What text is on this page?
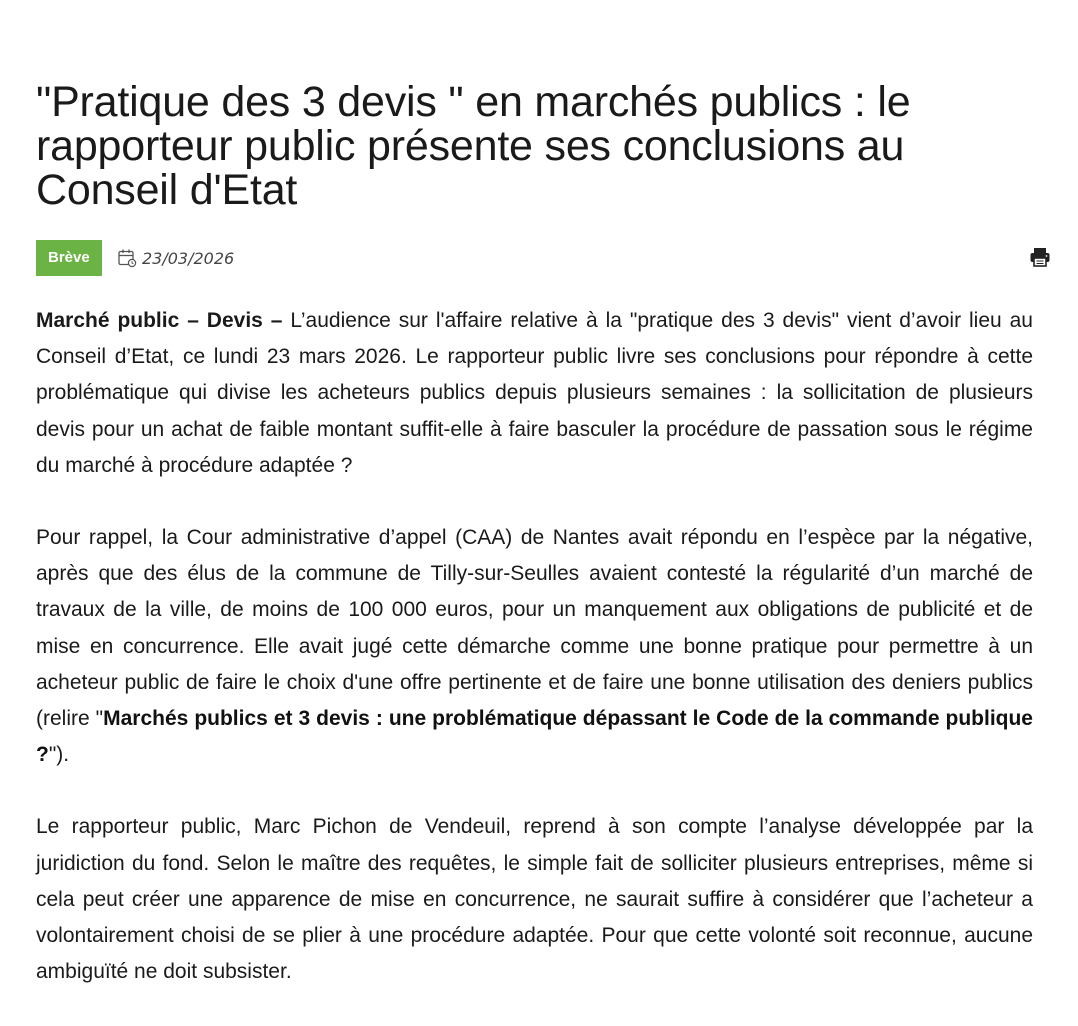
"Pratique des 3 devis " en marchés publics : le rapporteur public présente ses conclusions au Conseil d'Etat
Brève	23/03/2026

Marché public – Devis – L’audience sur l'affaire relative à la "pratique des 3 devis" vient d’avoir lieu au Conseil d’Etat, ce lundi 23 mars 2026. Le rapporteur public livre ses conclusions pour répondre à cette problématique qui divise les acheteurs publics depuis plusieurs semaines : la sollicitation de plusieurs devis pour un achat de faible montant suffit-elle à faire basculer la procédure de passation sous le régime du marché à procédure adaptée ?

Pour rappel, la Cour administrative d’appel (CAA) de Nantes avait répondu en l’espèce par la négative, après que des élus de la commune de Tilly-sur-Seulles avaient contesté la régularité d’un marché de travaux de la ville, de moins de 100 000 euros, pour un manquement aux obligations de publicité et de mise en concurrence. Elle avait jugé cette démarche comme une bonne pratique pour permettre à un acheteur public de faire le choix d'une offre pertinente et de faire une bonne utilisation des deniers publics (relire "Marchés publics et 3 devis : une problématique dépassant le Code de la commande publique ?").

Le rapporteur public, Marc Pichon de Vendeuil, reprend à son compte l’analyse développée par la juridiction du fond. Selon le maître des requêtes, le simple fait de solliciter plusieurs entreprises, même si cela peut créer une apparence de mise en concurrence, ne saurait suffire à considérer que l’acheteur a volontairement choisi de se plier à une procédure adaptée. Pour que cette volonté soit reconnue, aucune ambiguïté ne doit subsister.
